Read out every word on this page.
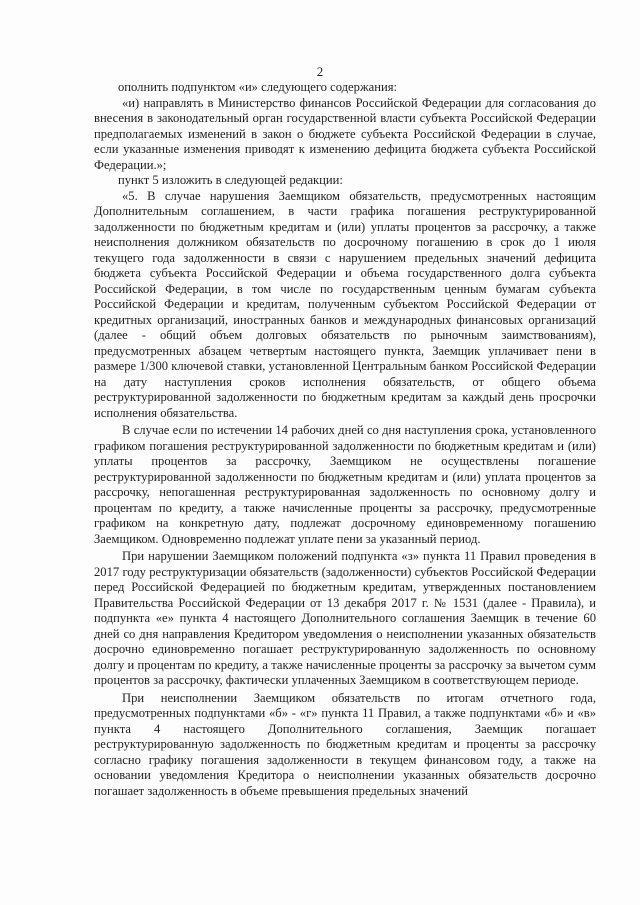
2

ополнить подпунктом «и» следующего содержания:

«и) направлять в Министерство финансов Российской Федерации для согласования до внесения в законодательный орган государственной власти субъекта Российской Федерации предполагаемых изменений в закон о бюджете субъекта Российской Федерации в случае, если указанные изменения приводят к изменению дефицита бюджета субъекта Российской Федерации.»;

пункт 5 изложить в следующей редакции:

«5. В случае нарушения Заемщиком обязательств, предусмотренных настоящим Дополнительным соглашением, в части графика погашения реструктурированной задолженности по бюджетным кредитам и (или) уплаты процентов за рассрочку, а также неисполнения должником обязательств по досрочному погашению в срок до 1 июля текущего года задолженности в связи с нарушением предельных значений дефицита бюджета субъекта Российской Федерации и объема государственного долга субъекта Российской Федерации, в том числе по государственным ценным бумагам субъекта Российской Федерации и кредитам, полученным субъектом Российской Федерации от кредитных организаций, иностранных банков и международных финансовых организаций (далее - общий объем долговых обязательств по рыночным заимствованиям), предусмотренных абзацем четвертым настоящего пункта, Заемщик уплачивает пени в размере 1/300 ключевой ставки, установленной Центральным банком Российской Федерации на дату наступления сроков исполнения обязательств, от общего объема реструктурированной задолженности по бюджетным кредитам за каждый день просрочки исполнения обязательства.

В случае если по истечении 14 рабочих дней со дня наступления срока, установленного графиком погашения реструктурированной задолженности по бюджетным кредитам и (или) уплаты процентов за рассрочку, Заемщиком не осуществлены погашение реструктурированной задолженности по бюджетным кредитам и (или) уплата процентов за рассрочку, непогашенная реструктурированная задолженность по основному долгу и процентам по кредиту, а также начисленные проценты за рассрочку, предусмотренные графиком на конкретную дату, подлежат досрочному единовременному погашению Заемщиком. Одновременно подлежат уплате пени за указанный период.

При нарушении Заемщиком положений подпункта «з» пункта 11 Правил проведения в 2017 году реструктуризации обязательств (задолженности) субъектов Российской Федерации перед Российской Федерацией по бюджетным кредитам, утвержденных постановлением Правительства Российской Федерации от 13 декабря 2017 г. № 1531 (далее - Правила), и подпункта «е» пункта 4 настоящего Дополнительного соглашения Заемщик в течение 60 дней со дня направления Кредитором уведомления о неисполнении указанных обязательств досрочно единовременно погашает реструктурированную задолженность по основному долгу и процентам по кредиту, а также начисленные проценты за рассрочку за вычетом сумм процентов за рассрочку, фактически уплаченных Заемщиком в соответствующем периоде.

При неисполнении Заемщиком обязательств по итогам отчетного года, предусмотренных подпунктами «б» - «г» пункта 11 Правил, а также подпунктами «б» и «в» пункта 4 настоящего Дополнительного соглашения, Заемщик погашает реструктурированную задолженность по бюджетным кредитам и проценты за рассрочку согласно графику погашения задолженности в текущем финансовом году, а также на основании уведомления Кредитора о неисполнении указанных обязательств досрочно погашает задолженность в объеме превышения предельных значений
